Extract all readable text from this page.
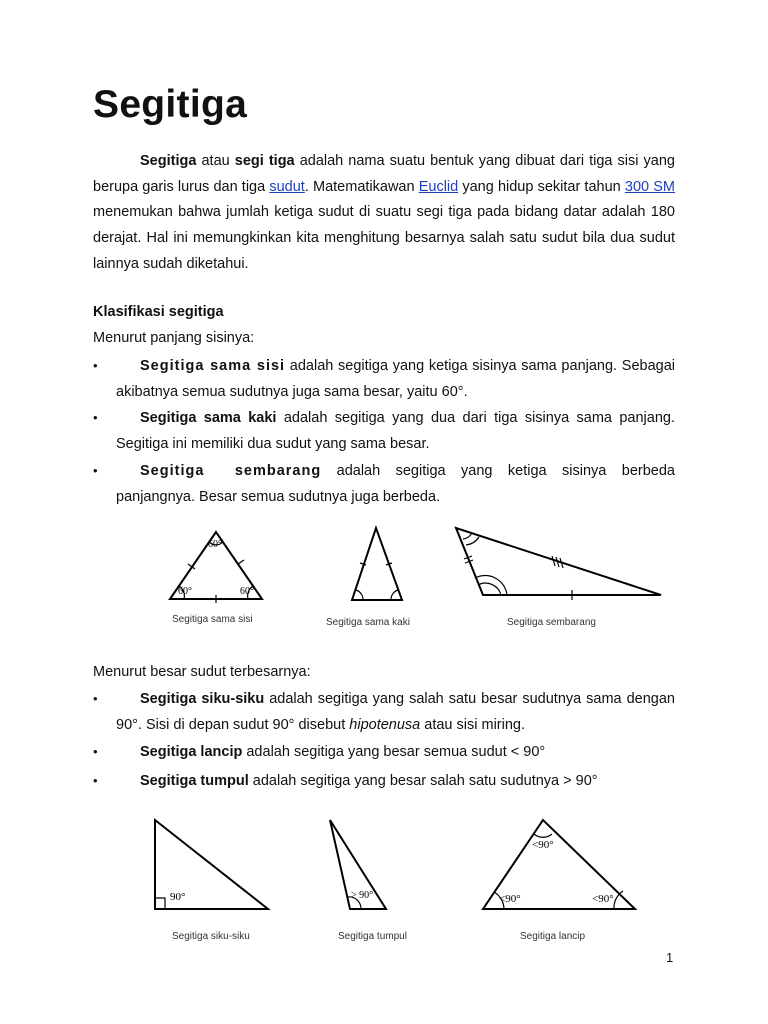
Segitiga

Segitiga atau segi tiga adalah nama suatu bentuk yang dibuat dari tiga sisi yang berupa garis lurus dan tiga sudut. Matematikawan Euclid yang hidup sekitar tahun 300 SM menemukan bahwa jumlah ketiga sudut di suatu segi tiga pada bidang datar adalah 180 derajat. Hal ini memungkinkan kita menghitung besarnya salah satu sudut bila dua sudut lainnya sudah diketahui.

Klasifikasi segitiga
Menurut panjang sisinya:
•	Segitiga sama sisi adalah segitiga yang ketiga sisinya sama panjang. Sebagai akibatnya semua sudutnya juga sama besar, yaitu 60°.
•	Segitiga sama kaki adalah segitiga yang dua dari tiga sisinya sama panjang. Segitiga ini memiliki dua sudut yang sama besar.
•	Segitiga sembarang adalah segitiga yang ketiga sisinya berbeda panjangnya. Besar semua sudutnya juga berbeda.
60°
60°	60°
Segitiga sama sisi	Segitiga sama kaki	Segitiga sembarang
Menurut besar sudut terbesarnya:
•	Segitiga siku-siku adalah segitiga yang salah satu besar sudutnya sama dengan 90°. Sisi di depan sudut 90° disebut hipotenusa atau sisi miring.
•	Segitiga lancip adalah segitiga yang besar semua sudut < 90°
•	Segitiga tumpul adalah segitiga yang besar salah satu sudutnya > 90°
90°
Segitiga siku-siku
> 90°
Segitiga tumpul
<90°
<90°	<90°
Segitiga lancip
1
